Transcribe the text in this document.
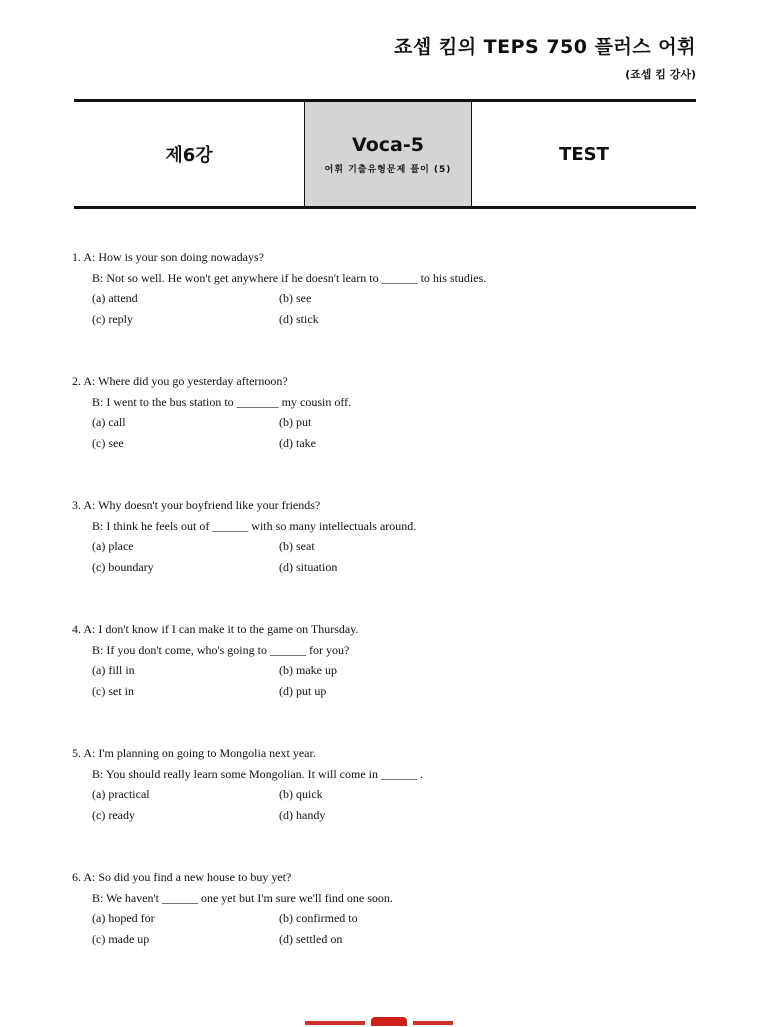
죠셉 킴의 TEPS 750 플러스 어휘
(죠셉 킴 강사)
제6강	Voca-5
어휘 기출유형문제 풀이 (5)
TEST
1. A: How is your son doing nowadays?
B: Not so well. He won't get anywhere if he doesn't learn to ______ to his studies.
(a) attend	(b) see
(c) reply	(d) stick
2. A: Where did you go yesterday afternoon?
B: I went to the bus station to _______ my cousin off.
(a) call	(b) put
(c) see	(d) take
3. A: Why doesn't your boyfriend like your friends?
B: I think he feels out of ______ with so many intellectuals around.
(a) place	(b) seat
(c) boundary	(d) situation
4. A: I don't know if I can make it to the game on Thursday.
B: If you don't come, who's going to ______ for you?
(a) fill in	(b) make up
(c) set in	(d) put up
5. A: I'm planning on going to Mongolia next year.
B: You should really learn some Mongolian. It will come in ______ .
(a) practical	(b) quick
(c) ready	(d) handy
6. A: So did you find a new house to buy yet?
B: We haven't ______ one yet but I'm sure we'll find one soon.
(a) hoped for	(b) confirmed to
(c) made up	(d) settled on
